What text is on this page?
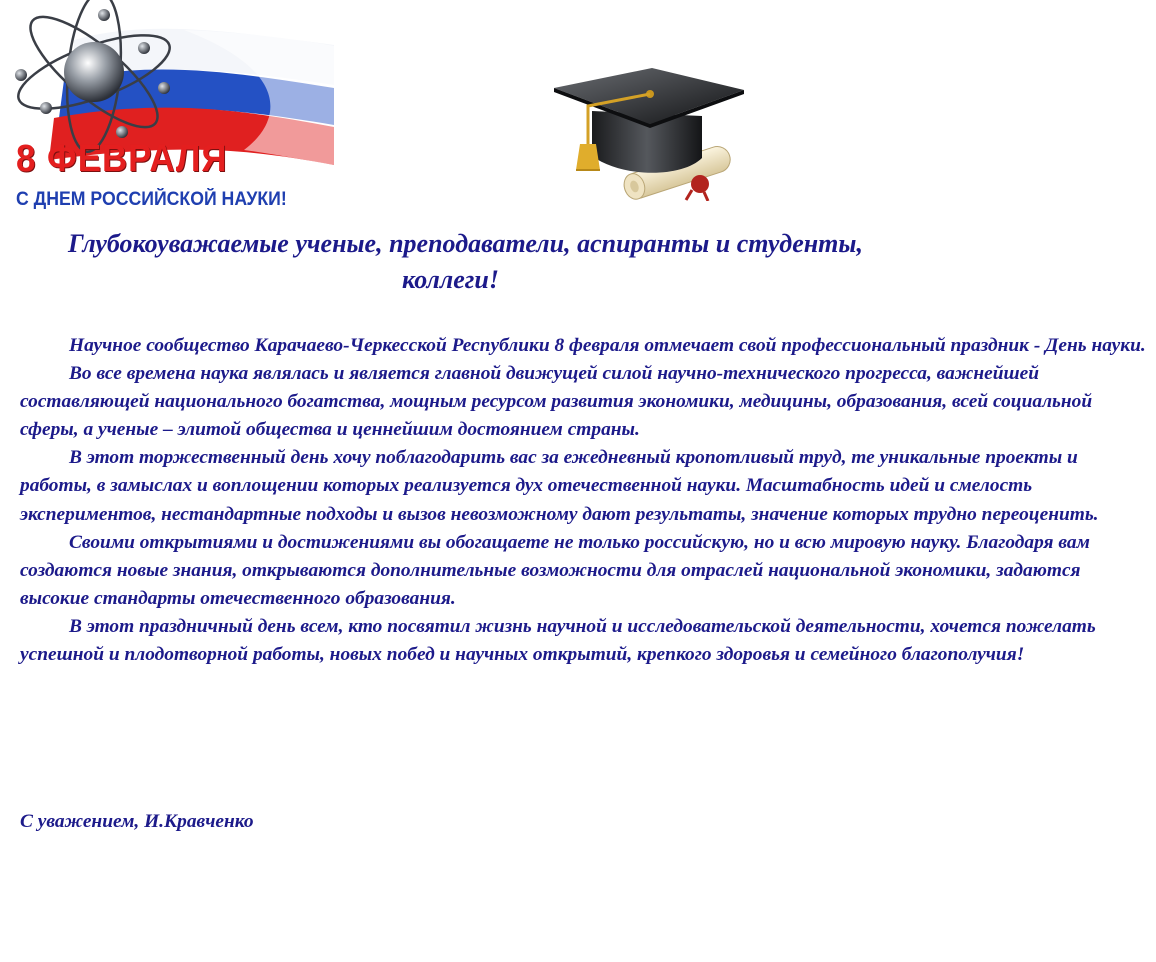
8 ФЕВРАЛЯ
С ДНЕМ РОССИЙСКОЙ НАУКИ!

Глубокоуважаемые ученые, преподаватели, аспиранты и студенты,

коллеги!

Научное сообщество Карачаево-Черкесской Республики 8 февраля отмечает свой профессиональный праздник - День науки.

Во все времена наука являлась и является главной движущей силой научно-технического прогресса, важнейшей составляющей национального богатства, мощным ресурсом развития экономики, медицины, образования, всей социальной сферы, а ученые – элитой общества и ценнейшим достоянием страны.

В этот торжественный день хочу поблагодарить вас за ежедневный кропотливый труд, те уникальные проекты и работы, в замыслах и воплощении которых реализуется дух отечественной науки. Масштабность идей и смелость экспериментов, нестандартные подходы и вызов невозможному дают результаты, значение которых трудно переоценить.

Своими открытиями и достижениями вы обогащаете не только российскую, но и всю мировую науку. Благодаря вам создаются новые знания, открываются дополнительные возможности для отраслей национальной экономики, задаются высокие стандарты отечественного образования.

В этот праздничный день всем, кто посвятил жизнь научной и исследовательской деятельности, хочется пожелать успешной и плодотворной работы, новых побед и научных открытий, крепкого здоровья и семейного благополучия!

С уважением, И.Кравченко
